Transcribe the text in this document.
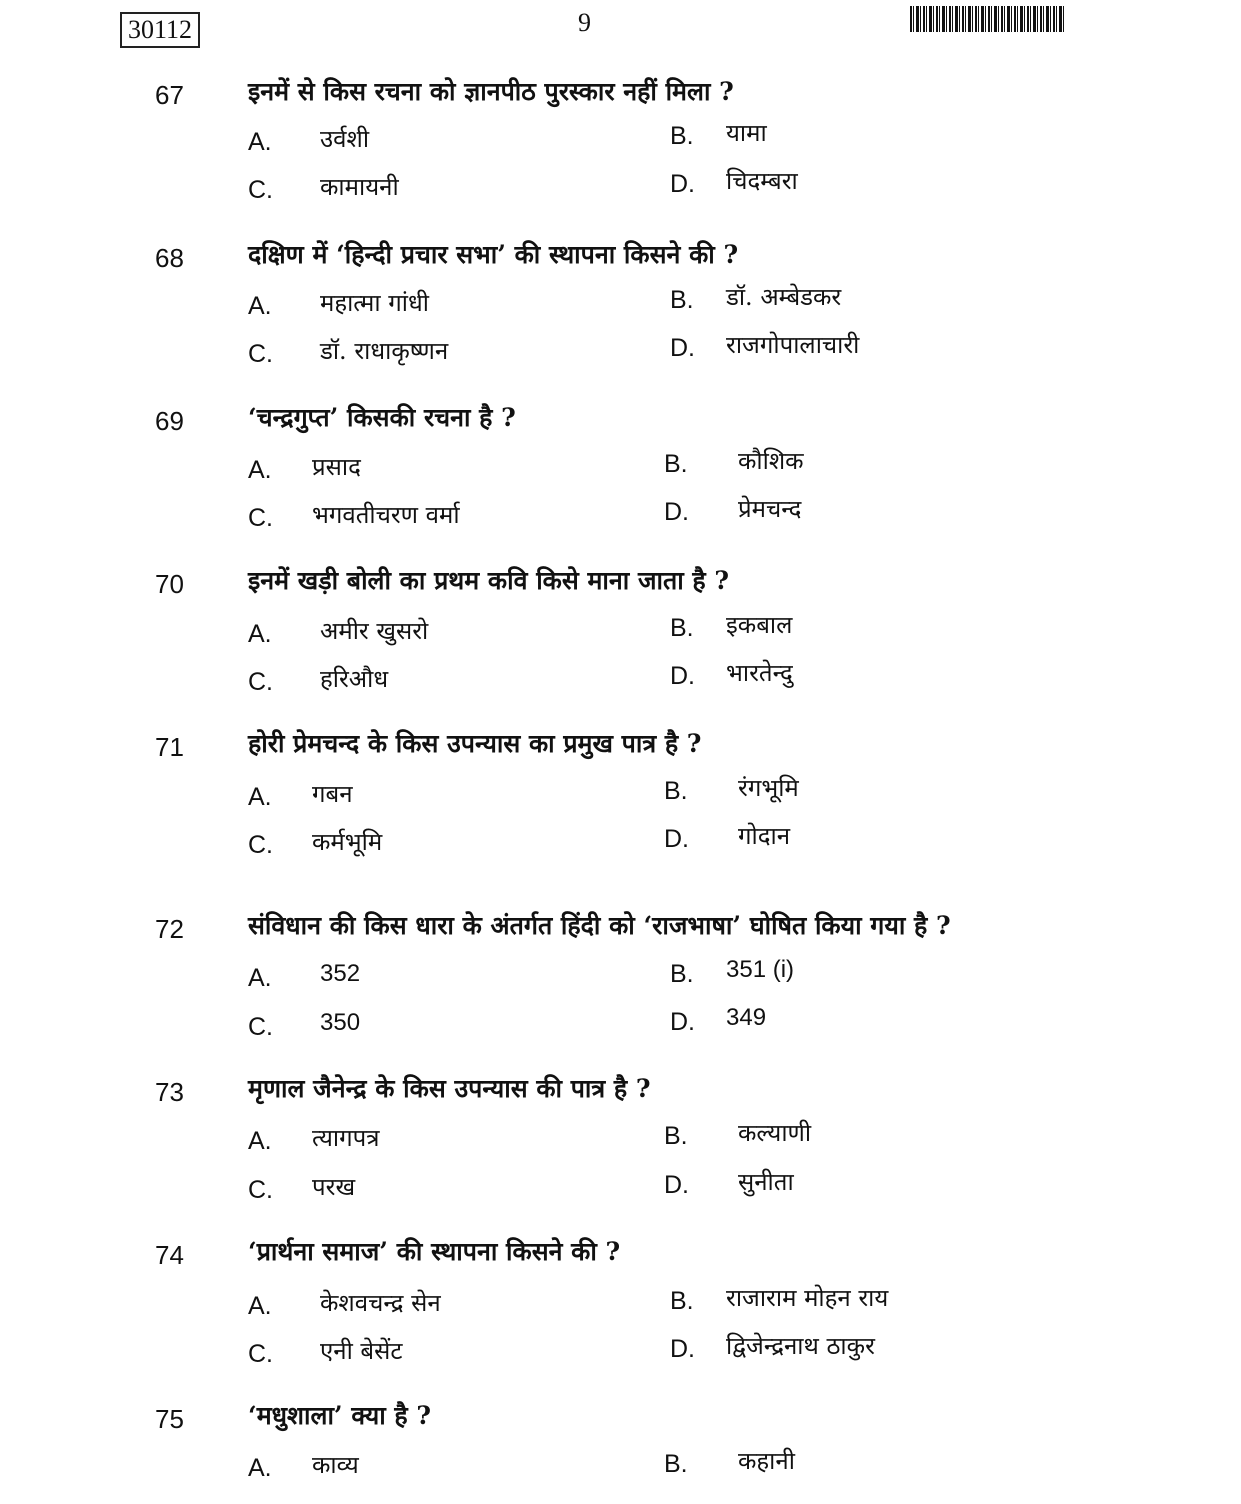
30112	9
67	इनमें से किस रचना को ज्ञानपीठ पुरस्कार नहीं मिला ?
A. उर्वशी	B. यामा
C. कामायनी	D. चिदम्बरा
68	दक्षिण में ‘हिन्दी प्रचार सभा’ की स्थापना किसने की ?
A. महात्मा गांधी	B. डॉ. अम्बेडकर
C. डॉ. राधाकृष्णन	D. राजगोपालाचारी
69	‘चन्द्रगुप्त’ किसकी रचना है ?
A. प्रसाद	B. कौशिक
C. भगवतीचरण वर्मा	D. प्रेमचन्द
70	इनमें खड़ी बोली का प्रथम कवि किसे माना जाता है ?
A. अमीर खुसरो	B. इकबाल
C. हरिऔध	D. भारतेन्दु
71	होरी प्रेमचन्द के किस उपन्यास का प्रमुख पात्र है ?
A. गबन	B. रंगभूमि
C. कर्मभूमि	D. गोदान
72	संविधान की किस धारा के अंतर्गत हिंदी को ‘राजभाषा’ घोषित किया गया है ?
A. 352	B. 351 (i)
C. 350	D. 349
73	मृणाल जैनेन्द्र के किस उपन्यास की पात्र है ?
A. त्यागपत्र	B. कल्याणी
C. परख	D. सुनीता
74	‘प्रार्थना समाज’ की स्थापना किसने की ?
A. केशवचन्द्र सेन	B. राजाराम मोहन राय
C. एनी बेसेंट	D. द्विजेन्द्रनाथ ठाकुर
75	‘मधुशाला’ क्या है ?
A. काव्य	B. कहानी
